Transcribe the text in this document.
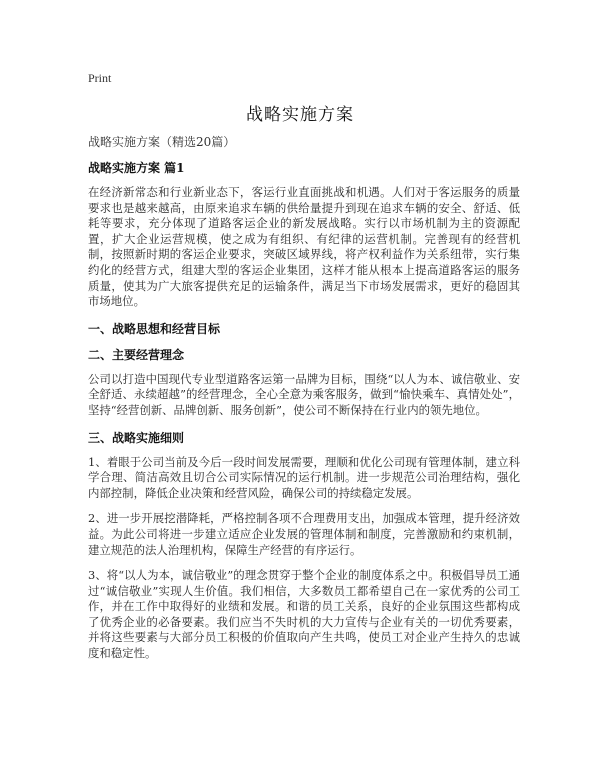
Print
战略实施方案

战略实施方案（精选20篇）

战略实施方案 篇1

在经济新常态和行业新业态下，客运行业直面挑战和机遇。人们对于客运服务的质量要求也是越来越高，由原来追求车辆的供给量提升到现在追求车辆的安全、舒适、低耗等要求，充分体现了道路客运企业的新发展战略。实行以市场机制为主的资源配置，扩大企业运营规模，使之成为有组织、有纪律的运营机制。完善现有的经营机制，按照新时期的客运企业要求，突破区域界线，将产权利益作为关系纽带，实行集约化的经营方式，组建大型的客运企业集团，这样才能从根本上提高道路客运的服务质量，使其为广大旅客提供充足的运输条件，满足当下市场发展需求，更好的稳固其市场地位。

一、战略思想和经营目标
二、主要经营理念

公司以打造中国现代专业型道路客运第一品牌为目标，围绕“以人为本、诚信敬业、安全舒适、永续超越”的经营理念，全心全意为乘客服务，做到“愉快乘车、真情处处”，坚持“经营创新、品牌创新、服务创新”，使公司不断保持在行业内的领先地位。

三、战略实施细则

1、着眼于公司当前及今后一段时间发展需要，理顺和优化公司现有管理体制，建立科学合理、简洁高效且切合公司实际情况的运行机制。进一步规范公司治理结构，强化内部控制，降低企业决策和经营风险，确保公司的持续稳定发展。

2、进一步开展挖潜降耗，严格控制各项不合理费用支出，加强成本管理，提升经济效益。为此公司将进一步建立适应企业发展的管理体制和制度，完善激励和约束机制，建立规范的法人治理机构，保障生产经营的有序运行。

3、将“以人为本，诚信敬业”的理念贯穿于整个企业的制度体系之中。积极倡导员工通过“诚信敬业”实现人生价值。我们相信，大多数员工都希望自己在一家优秀的公司工作，并在工作中取得好的业绩和发展。和谐的员工关系，良好的企业氛围这些都构成了优秀企业的必备要素。我们应当不失时机的大力宣传与企业有关的一切优秀要素，并将这些要素与大部分员工积极的价值取向产生共鸣，使员工对企业产生持久的忠诚度和稳定性。
